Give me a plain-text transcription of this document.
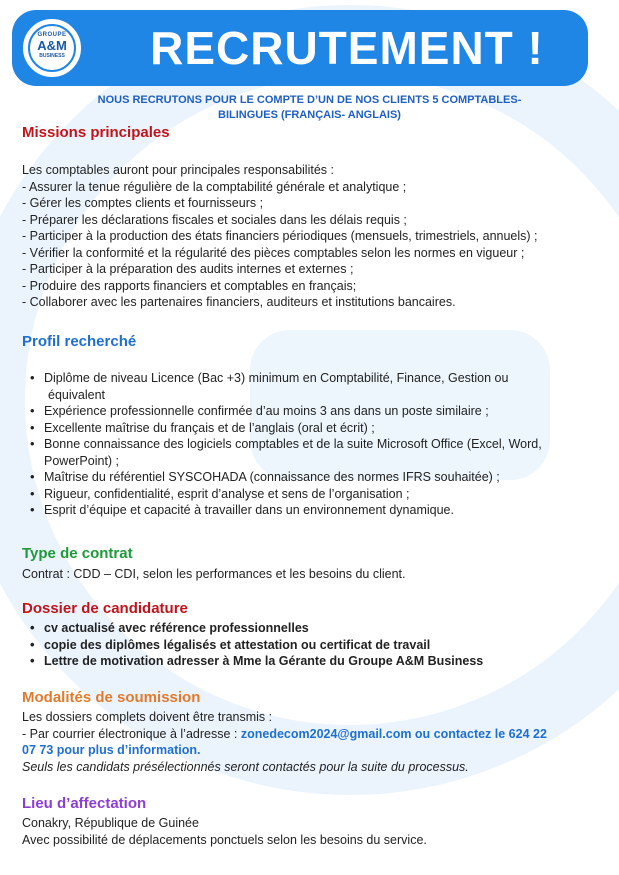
GROUPE
A&M
BUSINESS	RECRUTEMENT !
NOUS RECRUTONS POUR LE COMPTE D’UN DE NOS CLIENTS 5 COMPTABLES-
BILINGUES (FRANÇAIS- ANGLAIS)
Missions principales
Les comptables auront pour principales responsabilités :
- Assurer la tenue régulière de la comptabilité générale et analytique ;
- Gérer les comptes clients et fournisseurs ;
- Préparer les déclarations fiscales et sociales dans les délais requis ;
- Participer à la production des états financiers périodiques (mensuels, trimestriels, annuels) ;
- Vérifier la conformité et la régularité des pièces comptables selon les normes en vigueur ;
- Participer à la préparation des audits internes et externes ;
- Produire des rapports financiers et comptables en français;
- Collaborer avec les partenaires financiers, auditeurs et institutions bancaires.
Profil recherché
• Diplôme de niveau Licence (Bac +3) minimum en Comptabilité, Finance, Gestion ou
équivalent
• Expérience professionnelle confirmée d’au moins 3 ans dans un poste similaire ;
• Excellente maîtrise du français et de l’anglais (oral et écrit) ;
• Bonne connaissance des logiciels comptables et de la suite Microsoft Office (Excel, Word,
PowerPoint) ;
• Maîtrise du référentiel SYSCOHADA (connaissance des normes IFRS souhaitée) ;
• Rigueur, confidentialité, esprit d’analyse et sens de l’organisation ;
• Esprit d’équipe et capacité à travailler dans un environnement dynamique.
Type de contrat
Contrat : CDD – CDI, selon les performances et les besoins du client.
Dossier de candidature
• cv actualisé avec référence professionnelles
• copie des diplômes légalisés et attestation ou certificat de travail
• Lettre de motivation adresser à Mme la Gérante du Groupe A&M Business
Modalités de soumission
Les dossiers complets doivent être transmis :
- Par courrier électronique à l’adresse : zonedecom2024@gmail.com ou contactez le 624 22
07 73 pour plus d’information.
Seuls les candidats présélectionnés seront contactés pour la suite du processus.
Lieu d’affectation
Conakry, République de Guinée
Avec possibilité de déplacements ponctuels selon les besoins du service.
